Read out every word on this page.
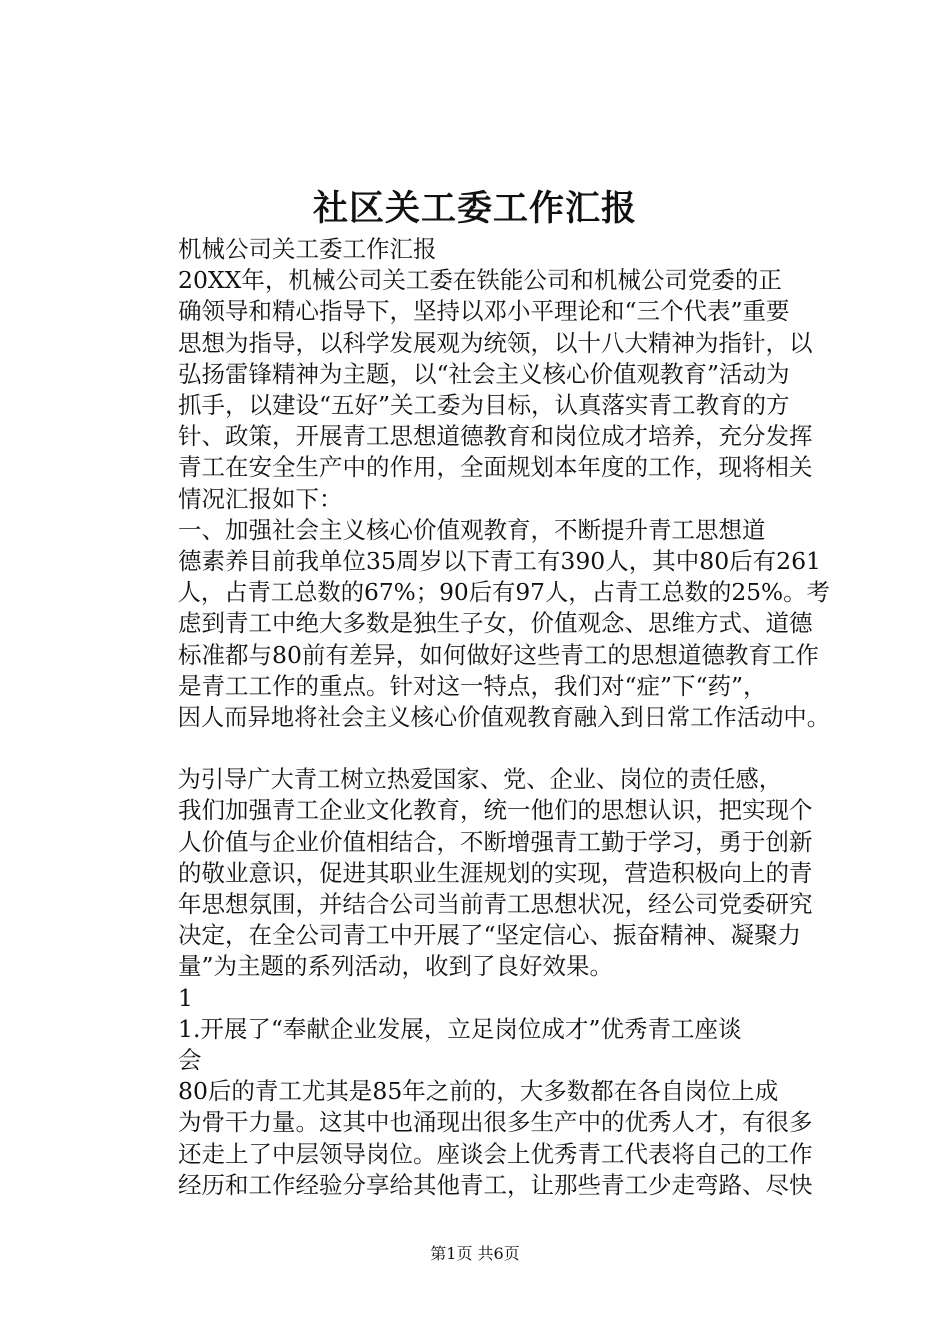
社区关工委工作汇报

机械公司关工委工作汇报

20XX年，机械公司关工委在铁能公司和机械公司党委的正
确领导和精心指导下，坚持以邓小平理论和“三个代表”重要
思想为指导，以科学发展观为统领，以十八大精神为指针，以
弘扬雷锋精神为主题，以“社会主义核心价值观教育”活动为
抓手，以建设“五好”关工委为目标，认真落实青工教育的方
针、政策，开展青工思想道德教育和岗位成才培养，充分发挥
青工在安全生产中的作用，全面规划本年度的工作，现将相关
情况汇报如下：

一、加强社会主义核心价值观教育，不断提升青工思想道
德素养目前我单位35周岁以下青工有390人，其中80后有261
人，占青工总数的67%；90后有97人，占青工总数的25%。考
虑到青工中绝大多数是独生子女，价值观念、思维方式、道德
标准都与80前有差异，如何做好这些青工的思想道德教育工作
是青工工作的重点。针对这一特点，我们对“症”下“药”，
因人而异地将社会主义核心价值观教育融入到日常工作活动中。

为引导广大青工树立热爱国家、党、企业、岗位的责任感，
我们加强青工企业文化教育，统一他们的思想认识，把实现个
人价值与企业价值相结合，不断增强青工勤于学习，勇于创新
的敬业意识，促进其职业生涯规划的实现，营造积极向上的青
年思想氛围，并结合公司当前青工思想状况，经公司党委研究
决定，在全公司青工中开展了“坚定信心、振奋精神、凝聚力
量”为主题的系列活动，收到了良好效果。

1

1.开展了“奉献企业发展，立足岗位成才”优秀青工座谈
会

80后的青工尤其是85年之前的，大多数都在各自岗位上成
为骨干力量。这其中也涌现出很多生产中的优秀人才，有很多
还走上了中层领导岗位。座谈会上优秀青工代表将自己的工作
经历和工作经验分享给其他青工，让那些青工少走弯路、尽快

第1页 共6页
